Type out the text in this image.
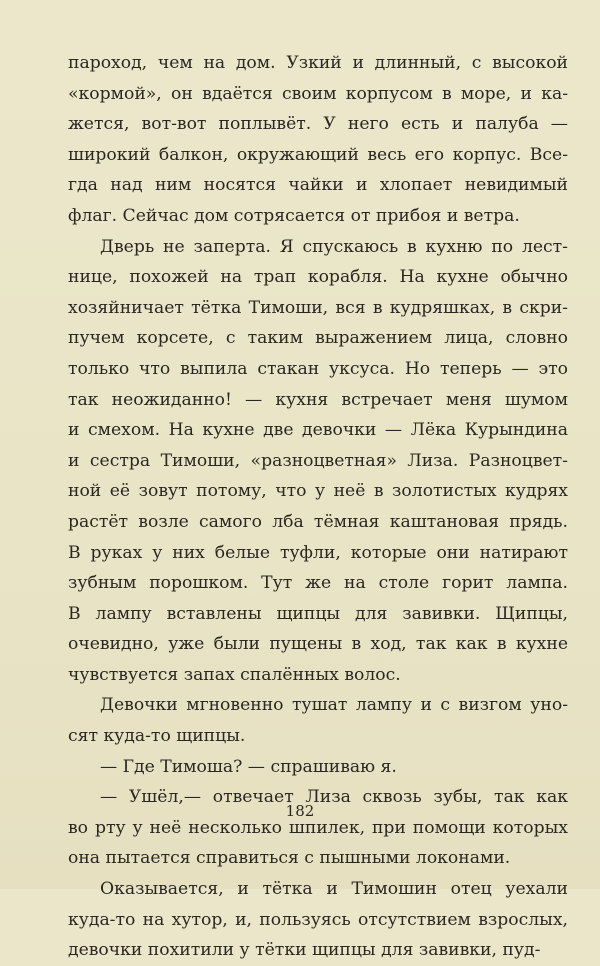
пароход, чем на дом. Узкий и длинный, с высокой
«кормой», он вдаётся своим корпусом в море, и ка-
жется, вот-вот поплывёт. У него есть и палуба —
широкий балкон, окружающий весь его корпус. Все-
гда над ним носятся чайки и хлопает невидимый
флаг. Сейчас дом сотрясается от прибоя и ветра.
Дверь не заперта. Я спускаюсь в кухню по лест-
нице, похожей на трап корабля. На кухне обычно
хозяйничает тётка Тимоши, вся в кудряшках, в скри-
пучем корсете, с таким выражением лица, словно
только что выпила стакан уксуса. Но теперь — это
так неожиданно! — кухня встречает меня шумом
и смехом. На кухне две девочки — Лёка Курындина
и сестра Тимоши, «разноцветная» Лиза. Разноцвет-
ной её зовут потому, что у неё в золотистых кудрях
растёт возле самого лба тёмная каштановая прядь.
В руках у них белые туфли, которые они натирают
зубным порошком. Тут же на столе горит лампа.
В лампу вставлены щипцы для завивки. Щипцы,
очевидно, уже были пущены в ход, так как в кухне
чувствуется запах спалённых волос.
Девочки мгновенно тушат лампу и с визгом уно-
сят куда-то щипцы.
— Где Тимоша? — спрашиваю я.
— Ушёл,— отвечает Лиза сквозь зубы, так как
во рту у неё несколько шпилек, при помощи которых
она пытается справиться с пышными локонами.
Оказывается, и тётка и Тимошин отец уехали
куда-то на хутор, и, пользуясь отсутствием взрослых,
девочки похитили у тётки щипцы для завивки, пуд-
182
